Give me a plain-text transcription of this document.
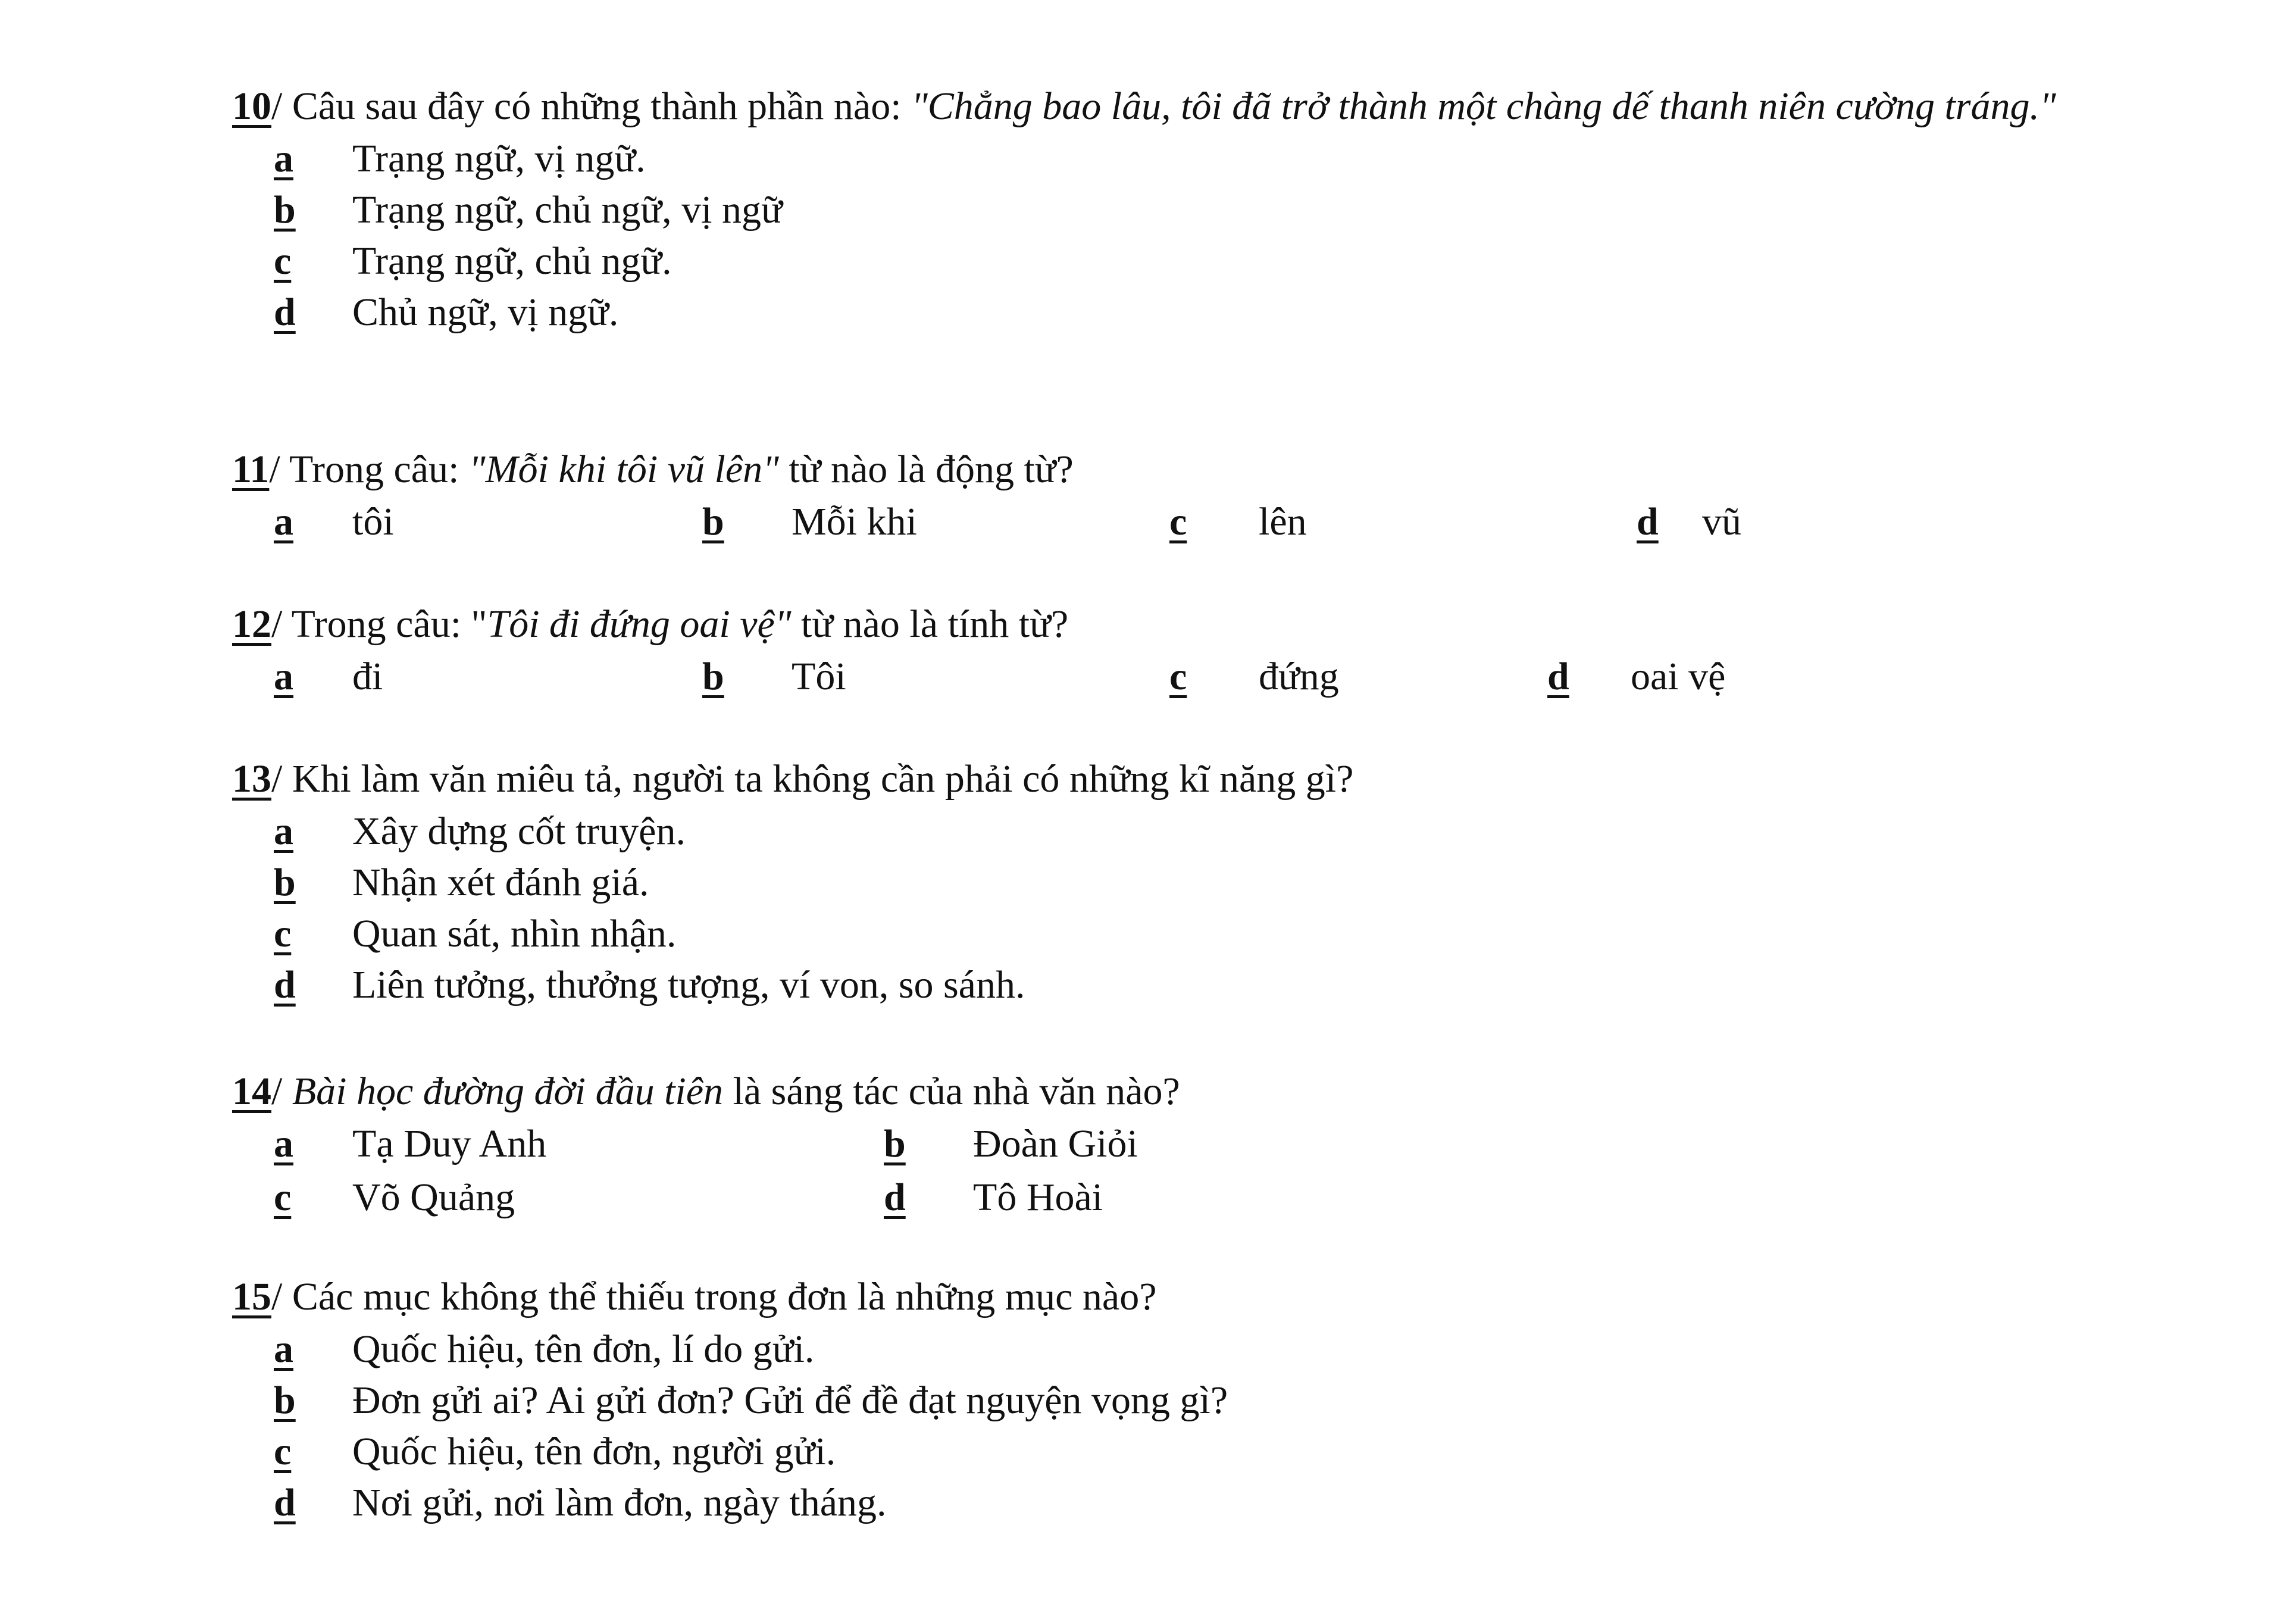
10/ Câu sau đây có những thành phần nào: "Chẳng bao lâu, tôi đã trở thành một chàng dế thanh niên cường tráng."
a Trạng ngữ, vị ngữ.
b Trạng ngữ, chủ ngữ, vị ngữ
c Trạng ngữ, chủ ngữ.
d Chủ ngữ, vị ngữ.
11/ Trong câu: "Mỗi khi tôi vũ lên" từ nào là động từ?
a tôi	b Mỗi khi	c lên	d vũ
12/ Trong câu: "Tôi đi đứng oai vệ" từ nào là tính từ?
a đi	b Tôi	c đứng	d oai vệ
13/ Khi làm văn miêu tả, người ta không cần phải có những kĩ năng gì?
a Xây dựng cốt truyện.
b Nhận xét đánh giá.
c Quan sát, nhìn nhận.
d Liên tưởng, thưởng tượng, ví von, so sánh.
14/ Bài học đường đời đầu tiên là sáng tác của nhà văn nào?
a Tạ Duy Anh	b Đoàn Giỏi
c Võ Quảng	d Tô Hoài
15/ Các mục không thể thiếu trong đơn là những mục nào?
a Quốc hiệu, tên đơn, lí do gửi.
b Đơn gửi ai? Ai gửi đơn? Gửi để đề đạt nguyện vọng gì?
c Quốc hiệu, tên đơn, người gửi.
d Nơi gửi, nơi làm đơn, ngày tháng.
